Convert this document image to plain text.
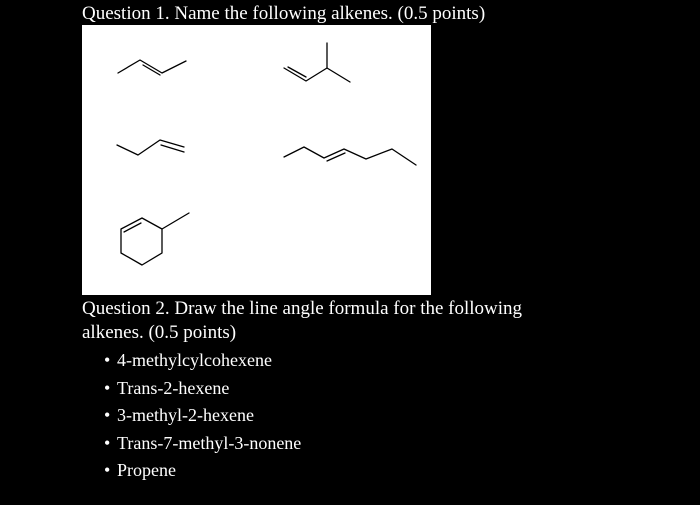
Question 1. Name the following alkenes. (0.5 points)

Question 2. Draw the line angle formula for the following alkenes. (0.5 points)

• 4-methylcylcohexene
• Trans-2-hexene
• 3-methyl-2-hexene
• Trans-7-methyl-3-nonene
• Propene
